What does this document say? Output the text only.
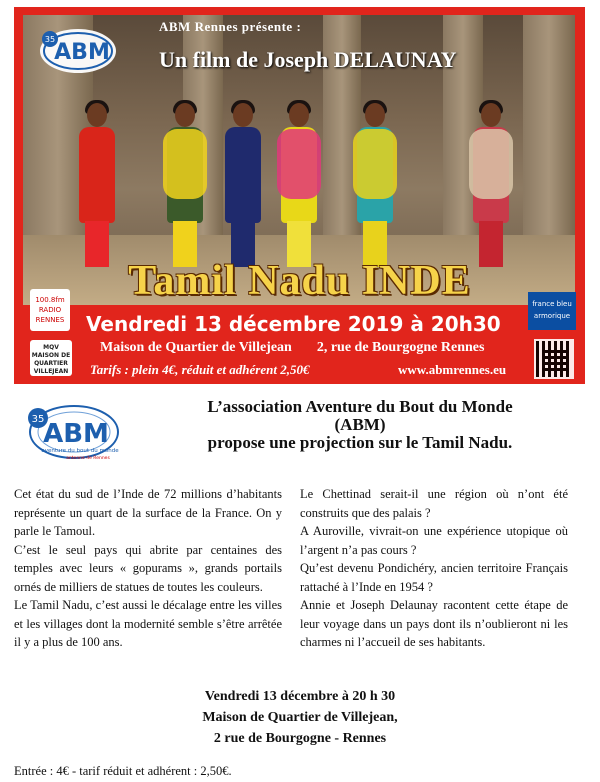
35
ABM
ABM Rennes présente :
Un film de Joseph DELAUNAY
Tamil Nadu INDE
100.8fm RADIO RENNES
france bleu armorique
Vendredi 13 décembre 2019 à 20h30
MQV MAISON DE QUARTIER VILLEJEAN
Maison de Quartier de Villejean 2, rue de Bourgogne Rennes
Tarifs : plein 4€, réduit et adhérent 2,50€	www.abmrennes.eu
35
ABM
aventure du bout du monde
antenne de Rennes
L’association Aventure du Bout du Monde
(ABM)
propose une projection sur le Tamil Nadu.

Cet état du sud de l’Inde de 72 millions d’habitants représente un quart de la surface de la France. On y parle le Tamoul.

C’est le seul pays qui abrite par centaines des temples avec leurs « gopurams », grands portails ornés de milliers de statues de toutes les couleurs.

Le Tamil Nadu, c’est aussi le décalage entre les villes et les villages dont la modernité semble s’être arrêtée il y a plus de 100 ans.

Le Chettinad serait-il une région où n’ont été construits que des palais ?

A Auroville, vivrait-on une expérience utopique où l’argent n’a pas cours ?

Qu’est devenu Pondichéry, ancien territoire Français rattaché à l’Inde en 1954 ?

Annie et Joseph Delaunay racontent cette étape de leur voyage dans un pays dont ils n’oublieront ni les charmes ni l’accueil de ses habitants.

Vendredi 13 décembre à 20 h 30
Maison de Quartier de Villejean,
2 rue de Bourgogne - Rennes
Entrée : 4€ - tarif réduit et adhérent : 2,50€.
